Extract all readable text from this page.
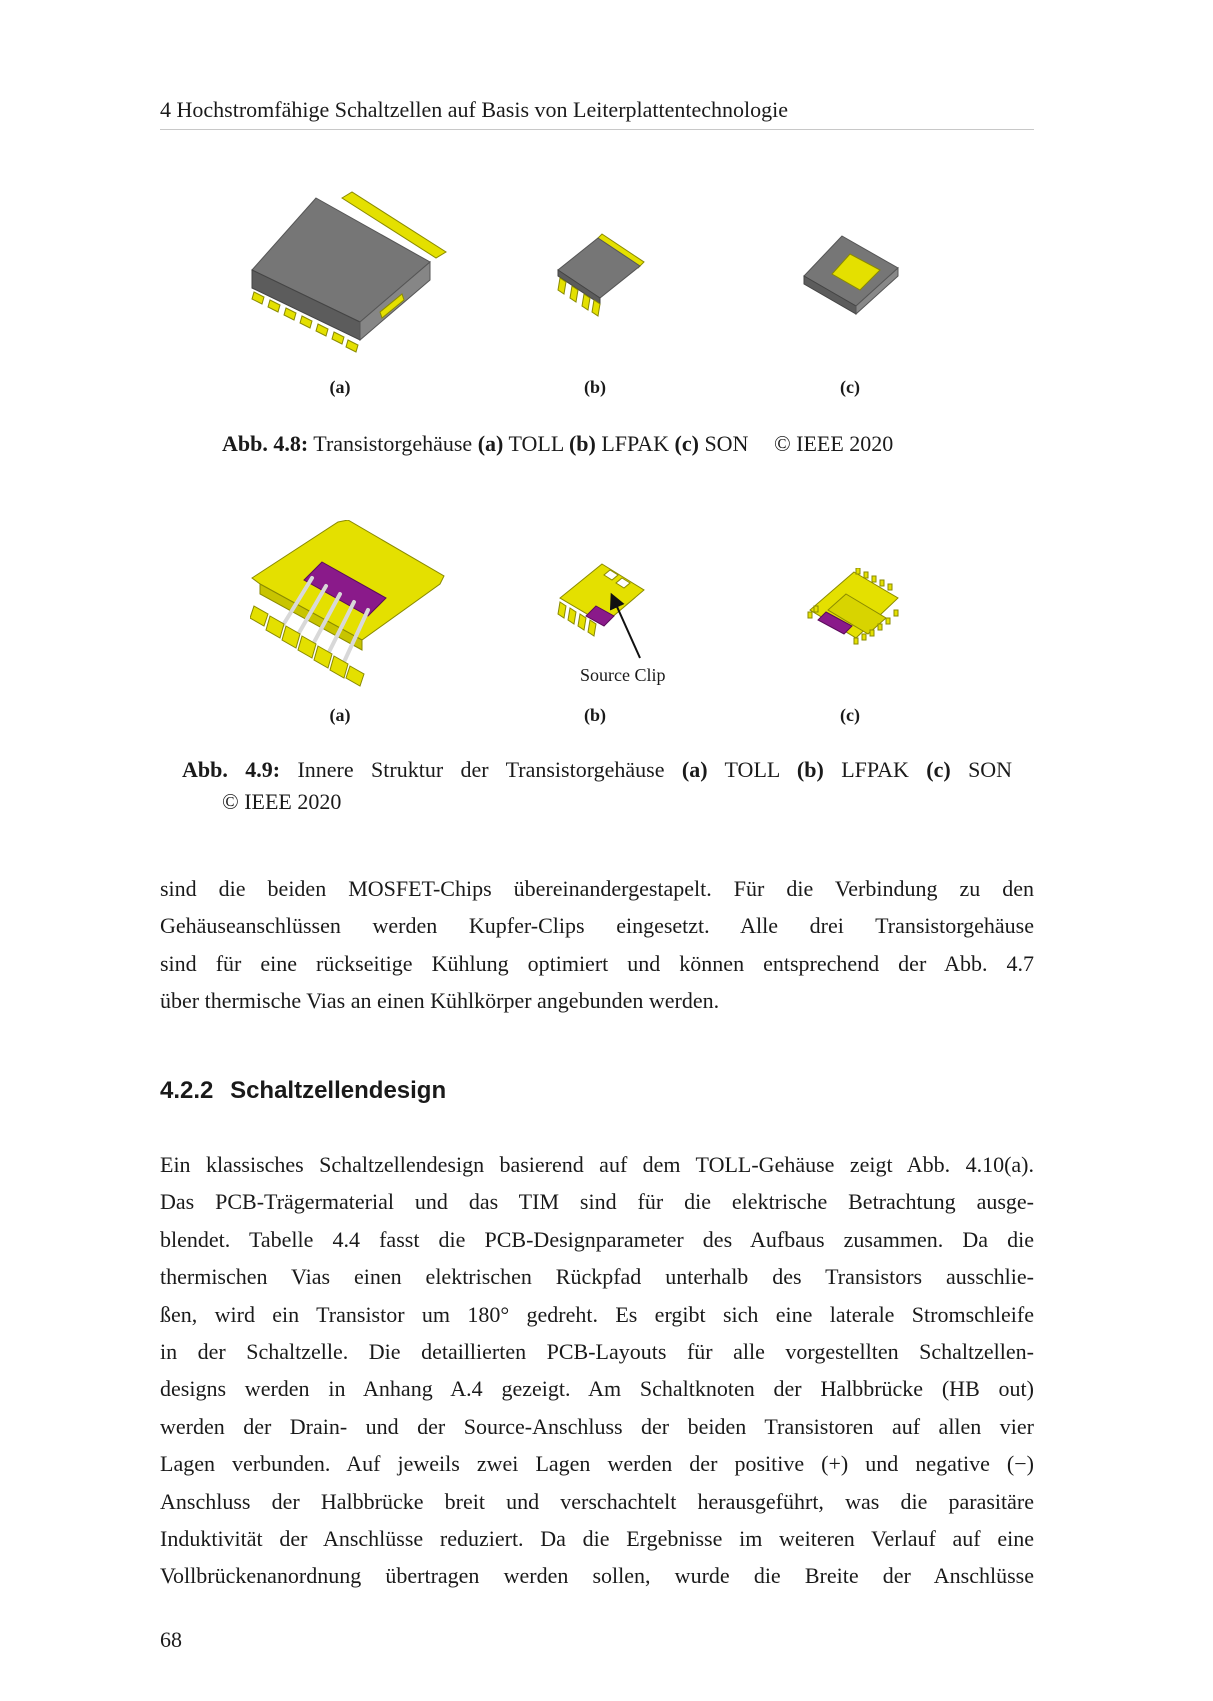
4 Hochstromfähige Schaltzellen auf Basis von Leiterplattentechnologie
(a)	(b)	(c)
Abb. 4.8: Transistorgehäuse (a) TOLL (b) LFPAK (c) SON © IEEE 2020
Source Clip
(a)	(b)	(c)
Abb. 4.9: Innere Struktur der Transistorgehäuse (a) TOLL (b) LFPAK (c) SON
© IEEE 2020
sind die beiden MOSFET-Chips übereinandergestapelt. Für die Verbindung zu den
Gehäuseanschlüssen werden Kupfer-Clips eingesetzt. Alle drei Transistorgehäuse
sind für eine rückseitige Kühlung optimiert und können entsprechend der Abb. 4.7
über thermische Vias an einen Kühlkörper angebunden werden.
4.2.2 Schaltzellendesign
Ein klassisches Schaltzellendesign basierend auf dem TOLL-Gehäuse zeigt Abb. 4.10(a).
Das PCB-Trägermaterial und das TIM sind für die elektrische Betrachtung ausge-
blendet. Tabelle 4.4 fasst die PCB-Designparameter des Aufbaus zusammen. Da die
thermischen Vias einen elektrischen Rückpfad unterhalb des Transistors ausschlie-
ßen, wird ein Transistor um 180° gedreht. Es ergibt sich eine laterale Stromschleife
in der Schaltzelle. Die detaillierten PCB-Layouts für alle vorgestellten Schaltzellen-
designs werden in Anhang A.4 gezeigt. Am Schaltknoten der Halbbrücke (HB out)
werden der Drain- und der Source-Anschluss der beiden Transistoren auf allen vier
Lagen verbunden. Auf jeweils zwei Lagen werden der positive (+) und negative (−)
Anschluss der Halbbrücke breit und verschachtelt herausgeführt, was die parasitäre
Induktivität der Anschlüsse reduziert. Da die Ergebnisse im weiteren Verlauf auf eine
Vollbrückenanordnung übertragen werden sollen, wurde die Breite der Anschlüsse
68
